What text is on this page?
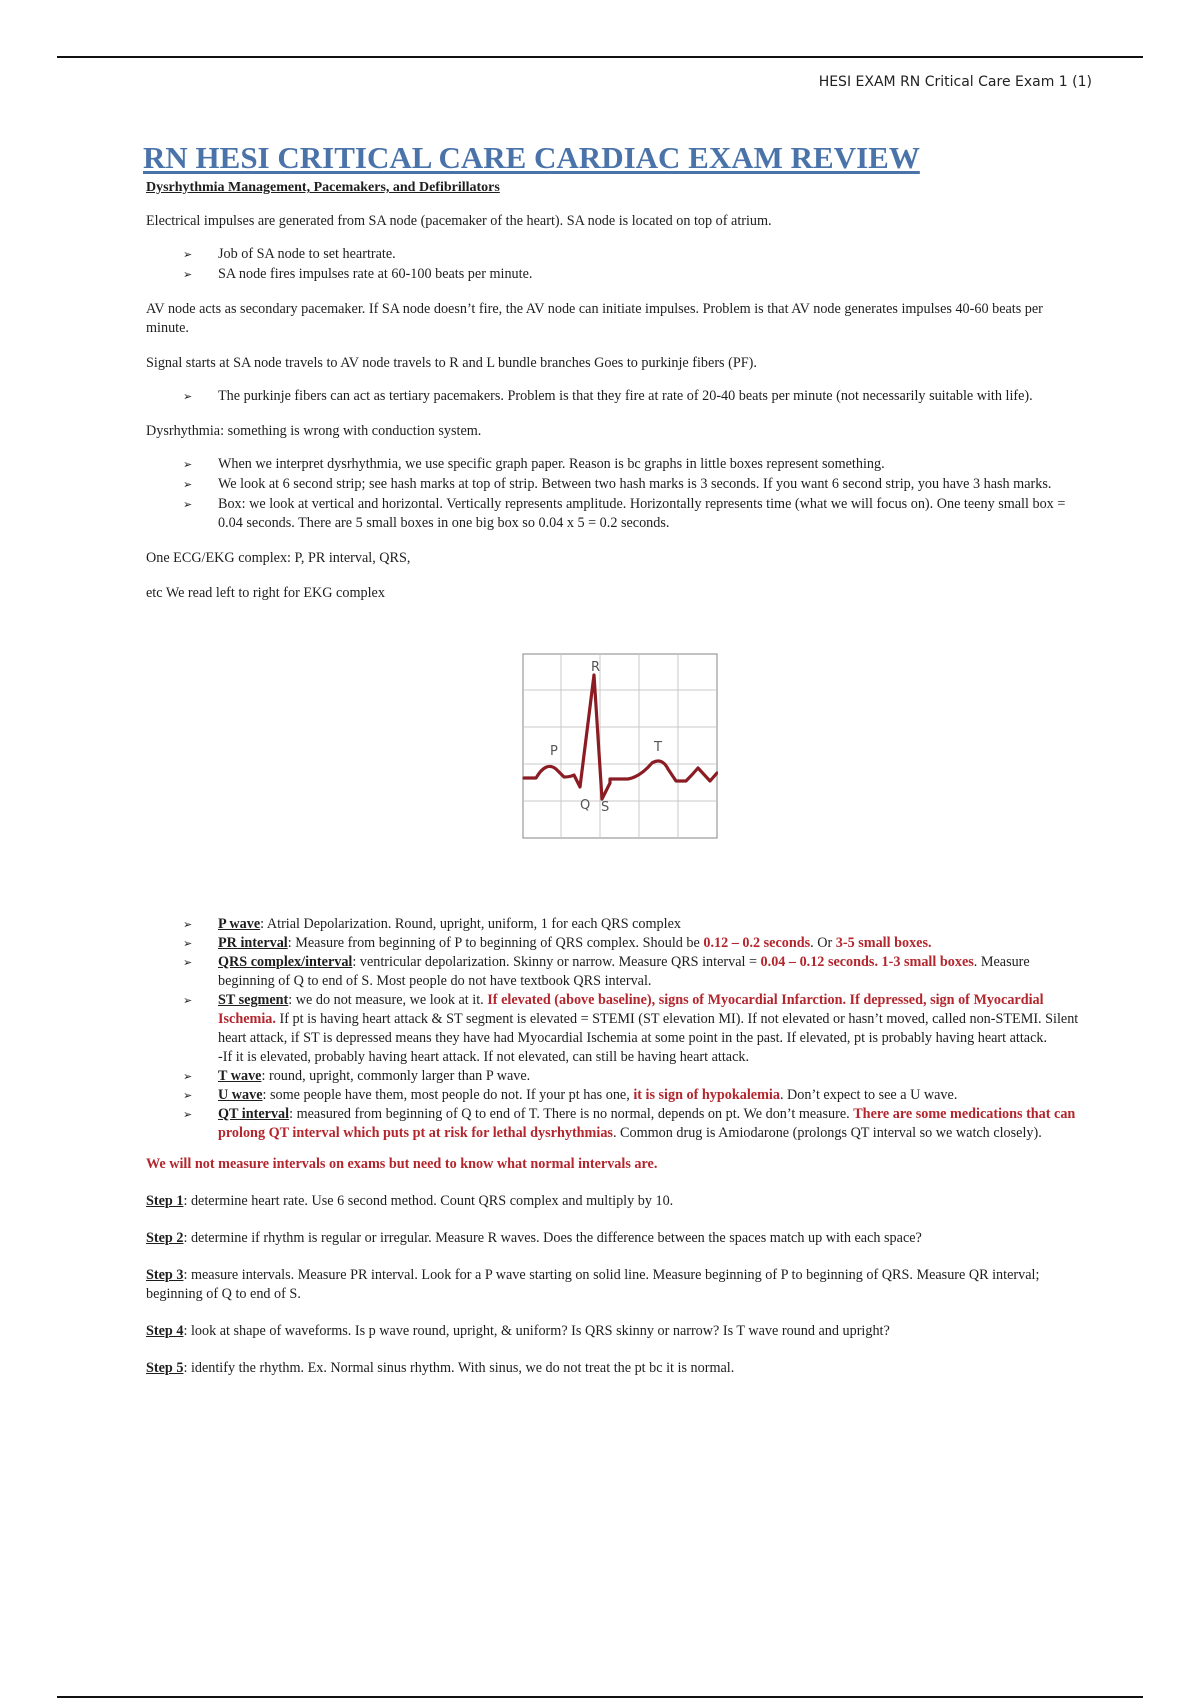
HESI EXAM RN Critical Care Exam 1 (1)
RN HESI CRITICAL CARE CARDIAC EXAM REVIEW
Dysrhythmia Management, Pacemakers, and Defibrillators

Electrical impulses are generated from SA node (pacemaker of the heart). SA node is located on top of atrium.

➢ Job of SA node to set heartrate.
➢ SA node fires impulses rate at 60-100 beats per minute.

AV node acts as secondary pacemaker. If SA node doesn’t fire, the AV node can initiate impulses. Problem is that AV node generates impulses 40-60 beats per minute.

Signal starts at SA node travels to AV node travels to R and L bundle branches Goes to purkinje fibers (PF).

➢ The purkinje fibers can act as tertiary pacemakers. Problem is that they fire at rate of 20-40 beats per minute (not necessarily suitable with life).

Dysrhythmia: something is wrong with conduction system.

➢ When we interpret dysrhythmia, we use specific graph paper. Reason is bc graphs in little boxes represent something.
➢ We look at 6 second strip; see hash marks at top of strip. Between two hash marks is 3 seconds. If you want 6 second strip, you have 3 hash marks.
➢ Box: we look at vertical and horizontal. Vertically represents amplitude. Horizontally represents time (what we will focus on). One teeny small box = 0.04 seconds. There are 5 small boxes in one big box so 0.04 x 5 = 0.2 seconds.

One ECG/EKG complex: P, PR interval, QRS,

etc We read left to right for EKG complex

R
P	T
Q S
➢ P wave: Atrial Depolarization. Round, upright, uniform, 1 for each QRS complex
➢ PR interval: Measure from beginning of P to beginning of QRS complex. Should be 0.12 – 0.2 seconds. Or 3-5 small boxes.
➢ QRS complex/interval: ventricular depolarization. Skinny or narrow. Measure QRS interval = 0.04 – 0.12 seconds. 1-3 small boxes. Measure beginning of Q to end of S. Most people do not have textbook QRS interval.
➢ ST segment: we do not measure, we look at it. If elevated (above baseline), signs of Myocardial Infarction. If depressed, sign of Myocardial Ischemia. If pt is having heart attack & ST segment is elevated = STEMI (ST elevation MI). If not elevated or hasn’t moved, called non-STEMI. Silent heart attack, if ST is depressed means they have had Myocardial Ischemia at some point in the past. If elevated, pt is probably having heart attack.
-If it is elevated, probably having heart attack. If not elevated, can still be having heart attack.
➢ T wave: round, upright, commonly larger than P wave.
➢ U wave: some people have them, most people do not. If your pt has one, it is sign of hypokalemia. Don’t expect to see a U wave.
➢ QT interval: measured from beginning of Q to end of T. There is no normal, depends on pt. We don’t measure. There are some medications that can prolong QT interval which puts pt at risk for lethal dysrhythmias. Common drug is Amiodarone (prolongs QT interval so we watch closely).

We will not measure intervals on exams but need to know what normal intervals are.

Step 1: determine heart rate. Use 6 second method. Count QRS complex and multiply by 10.

Step 2: determine if rhythm is regular or irregular. Measure R waves. Does the difference between the spaces match up with each space?

Step 3: measure intervals. Measure PR interval. Look for a P wave starting on solid line. Measure beginning of P to beginning of QRS. Measure QR interval; beginning of Q to end of S.

Step 4: look at shape of waveforms. Is p wave round, upright, & uniform? Is QRS skinny or narrow? Is T wave round and upright?

Step 5: identify the rhythm. Ex. Normal sinus rhythm. With sinus, we do not treat the pt bc it is normal.
